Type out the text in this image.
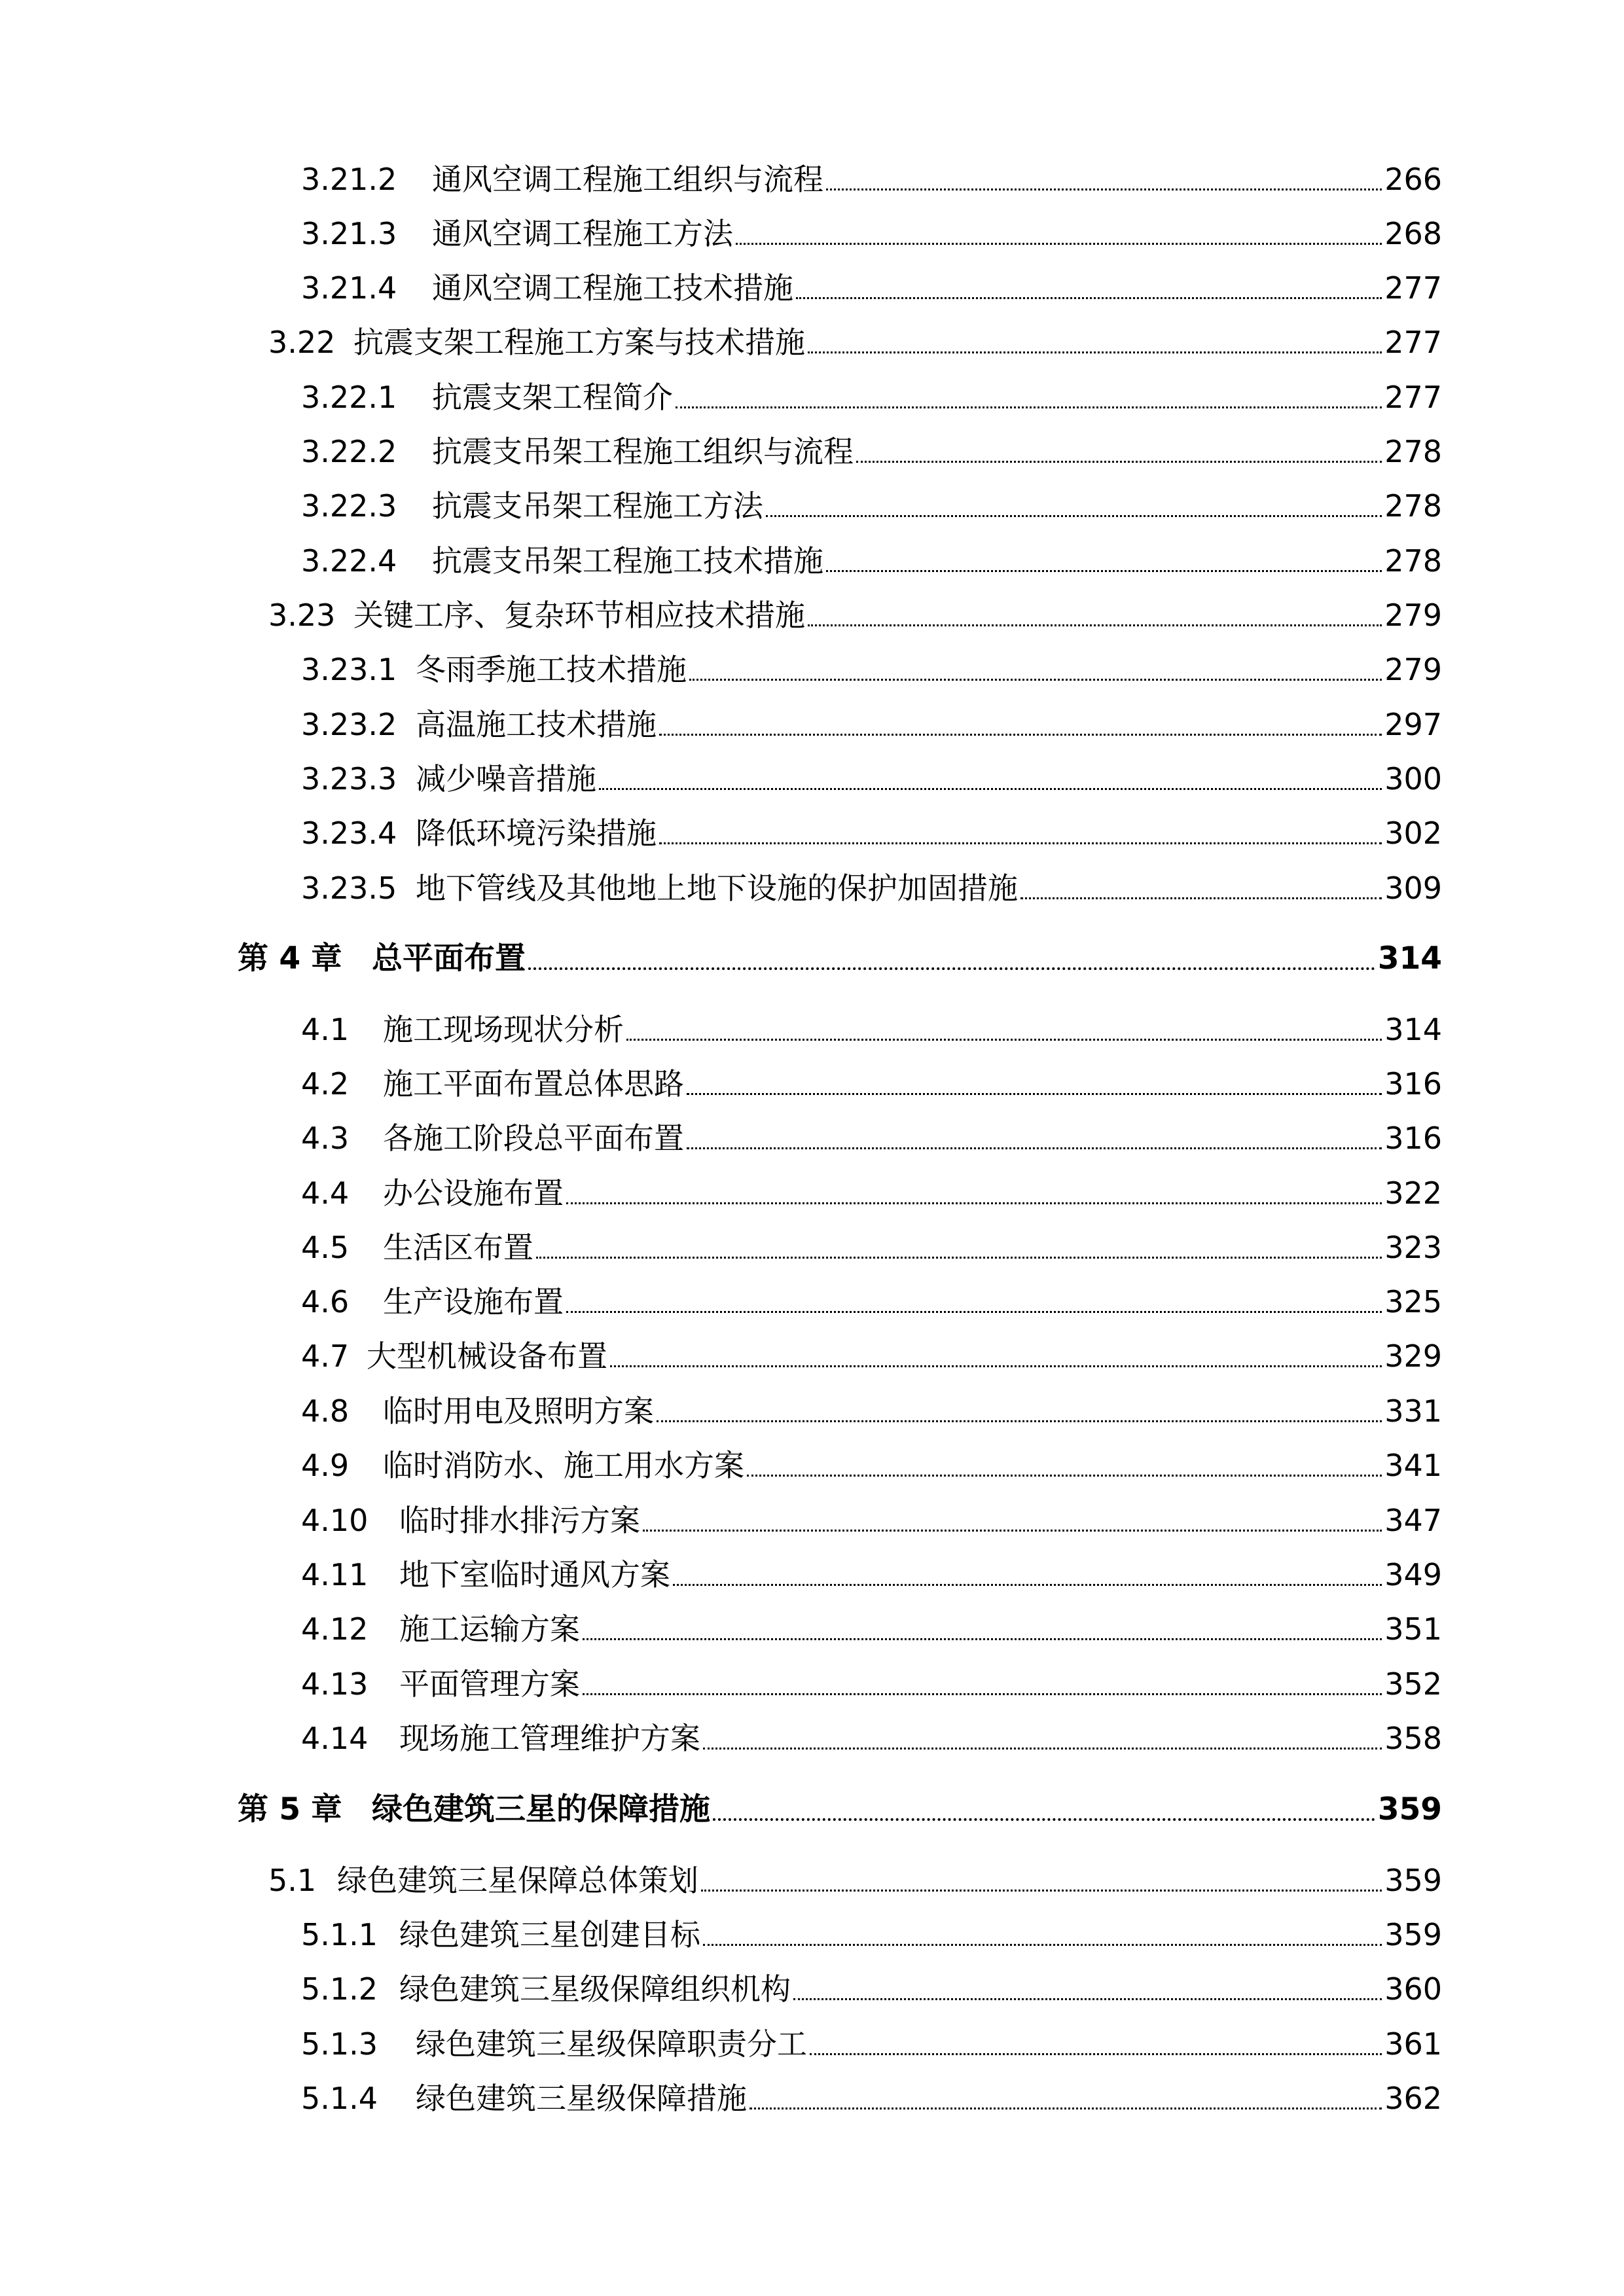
3.21.2	通风空调工程施工组织与流程	266
3.21.3	通风空调工程施工方法	268
3.21.4	通风空调工程施工技术措施	277
3.22 抗震支架工程施工方案与技术措施	277
3.22.1	抗震支架工程简介	277
3.22.2	抗震支吊架工程施工组织与流程	278
3.22.3	抗震支吊架工程施工方法	278
3.22.4	抗震支吊架工程施工技术措施	278
3.23 关键工序、复杂环节相应技术措施	279
3.23.1 冬雨季施工技术措施	279
3.23.2 高温施工技术措施	297
3.23.3 减少噪音措施	300
3.23.4 降低环境污染措施	302
3.23.5 地下管线及其他地上地下设施的保护加固措施	309
第 4 章 总平面布置	314
4.1	施工现场现状分析	314
4.2	施工平面布置总体思路	316
4.3	各施工阶段总平面布置	316
4.4	办公设施布置	322
4.5	生活区布置	323
4.6	生产设施布置	325
4.7 大型机械设备布置	329
4.8	临时用电及照明方案	331
4.9	临时消防水、施工用水方案	341
4.10	临时排水排污方案	347
4.11	地下室临时通风方案	349
4.12	施工运输方案	351
4.13	平面管理方案	352
4.14	现场施工管理维护方案	358
第 5 章 绿色建筑三星的保障措施	359
5.1 绿色建筑三星保障总体策划	359
5.1.1 绿色建筑三星创建目标	359
5.1.2 绿色建筑三星级保障组织机构	360
5.1.3	绿色建筑三星级保障职责分工	361
5.1.4	绿色建筑三星级保障措施	362
